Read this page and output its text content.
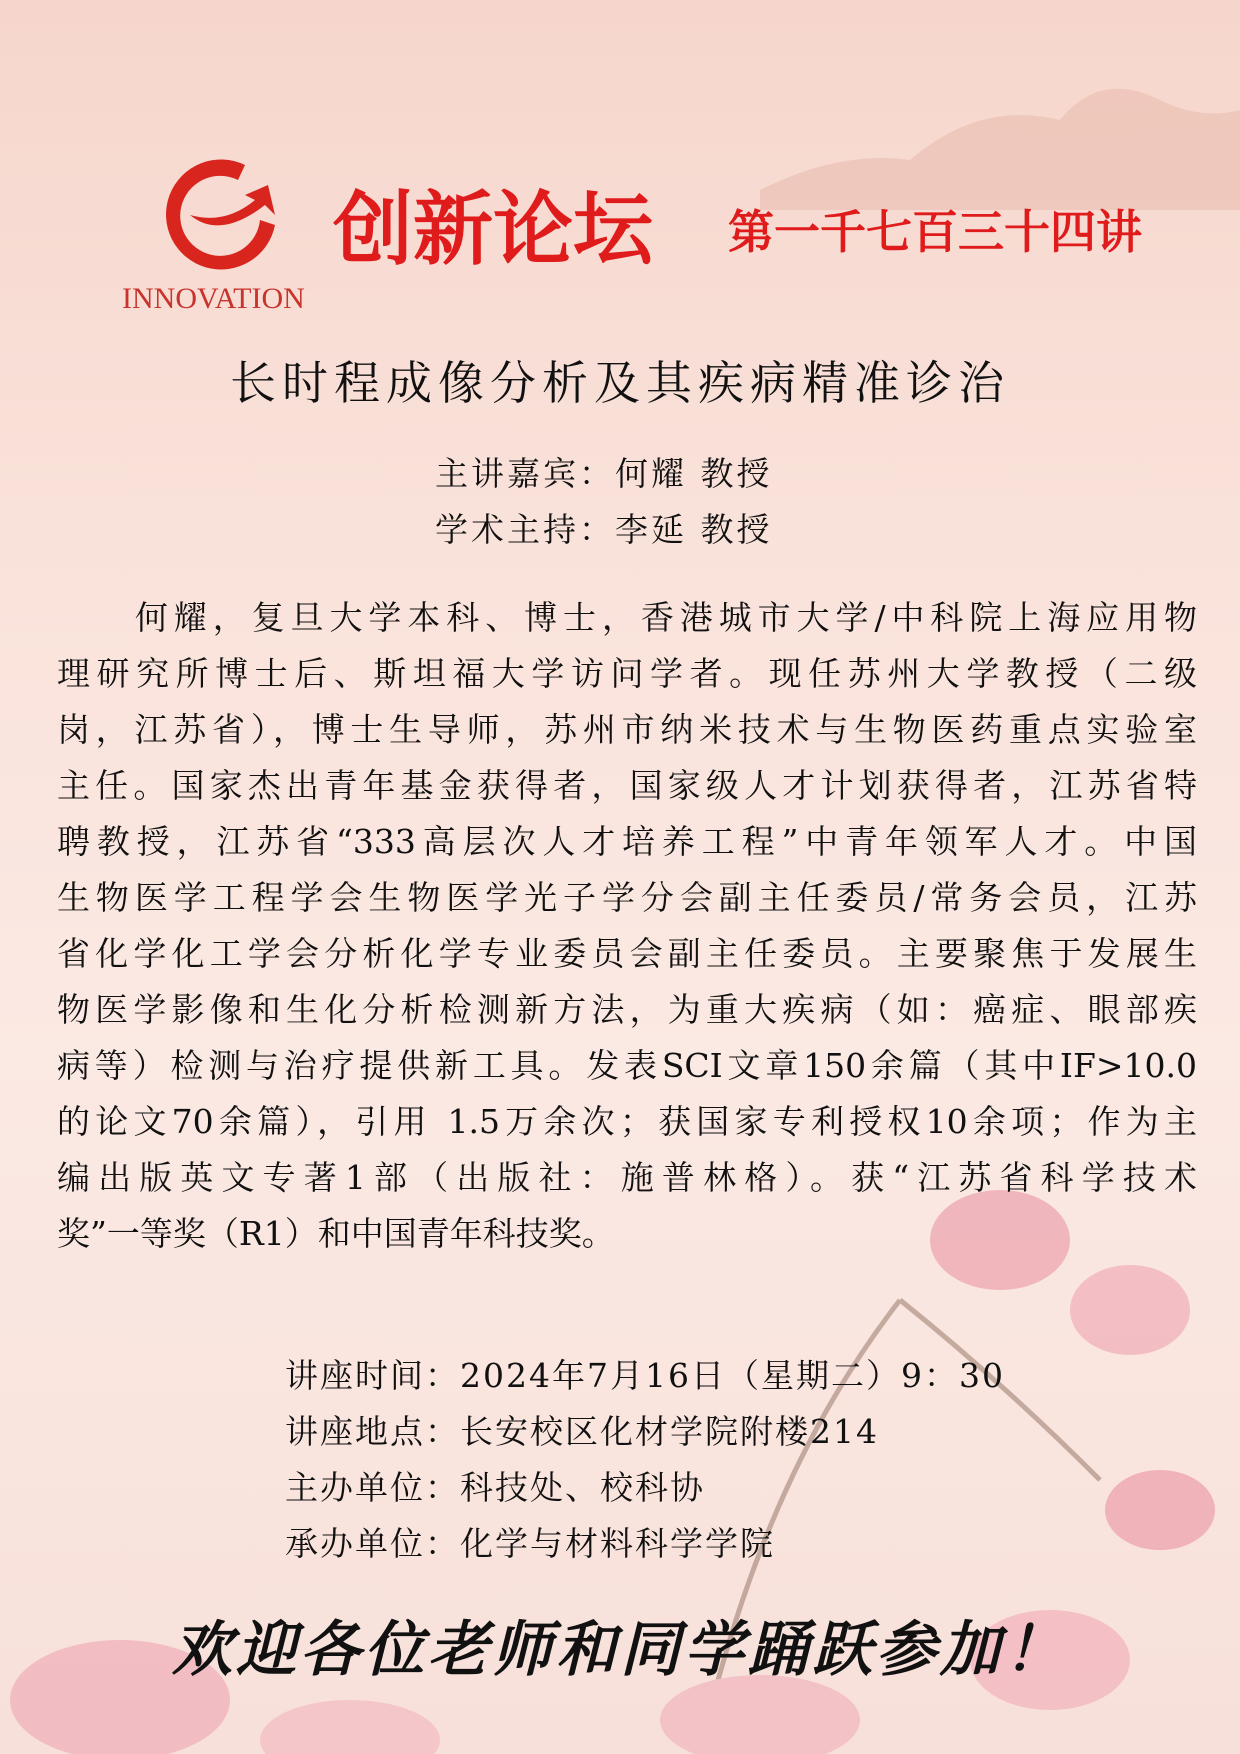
INNOVATION
创新论坛 第一千七百三十四讲
长时程成像分析及其疾病精准诊治
主讲嘉宾：何耀 教授
学术主持：李延 教授
　　何耀，复旦大学本科、博士，香港城市大学/中科院上海应用物
理研究所博士后、斯坦福大学访问学者。现任苏州大学教授（二级
岗，江苏省），博士生导师，苏州市纳米技术与生物医药重点实验室
主任。国家杰出青年基金获得者，国家级人才计划获得者，江苏省特
聘教授，江苏省“333高层次人才培养工程”中青年领军人才。中国
生物医学工程学会生物医学光子学分会副主任委员/常务会员，江苏
省化学化工学会分析化学专业委员会副主任委员。主要聚焦于发展生
物医学影像和生化分析检测新方法，为重大疾病（如：癌症、眼部疾
病等）检测与治疗提供新工具。发表SCI文章150余篇（其中IF>10.0
的论文70余篇），引用 1.5万余次；获国家专利授权10余项；作为主
编出版英文专著1部（出版社：施普林格）。获“江苏省科学技术
奖”一等奖（R1）和中国青年科技奖。
讲座时间：2024年7月16日（星期二）9：30
讲座地点：长安校区化材学院附楼214
主办单位：科技处、校科协
承办单位：化学与材料科学学院
欢迎各位老师和同学踊跃参加！
